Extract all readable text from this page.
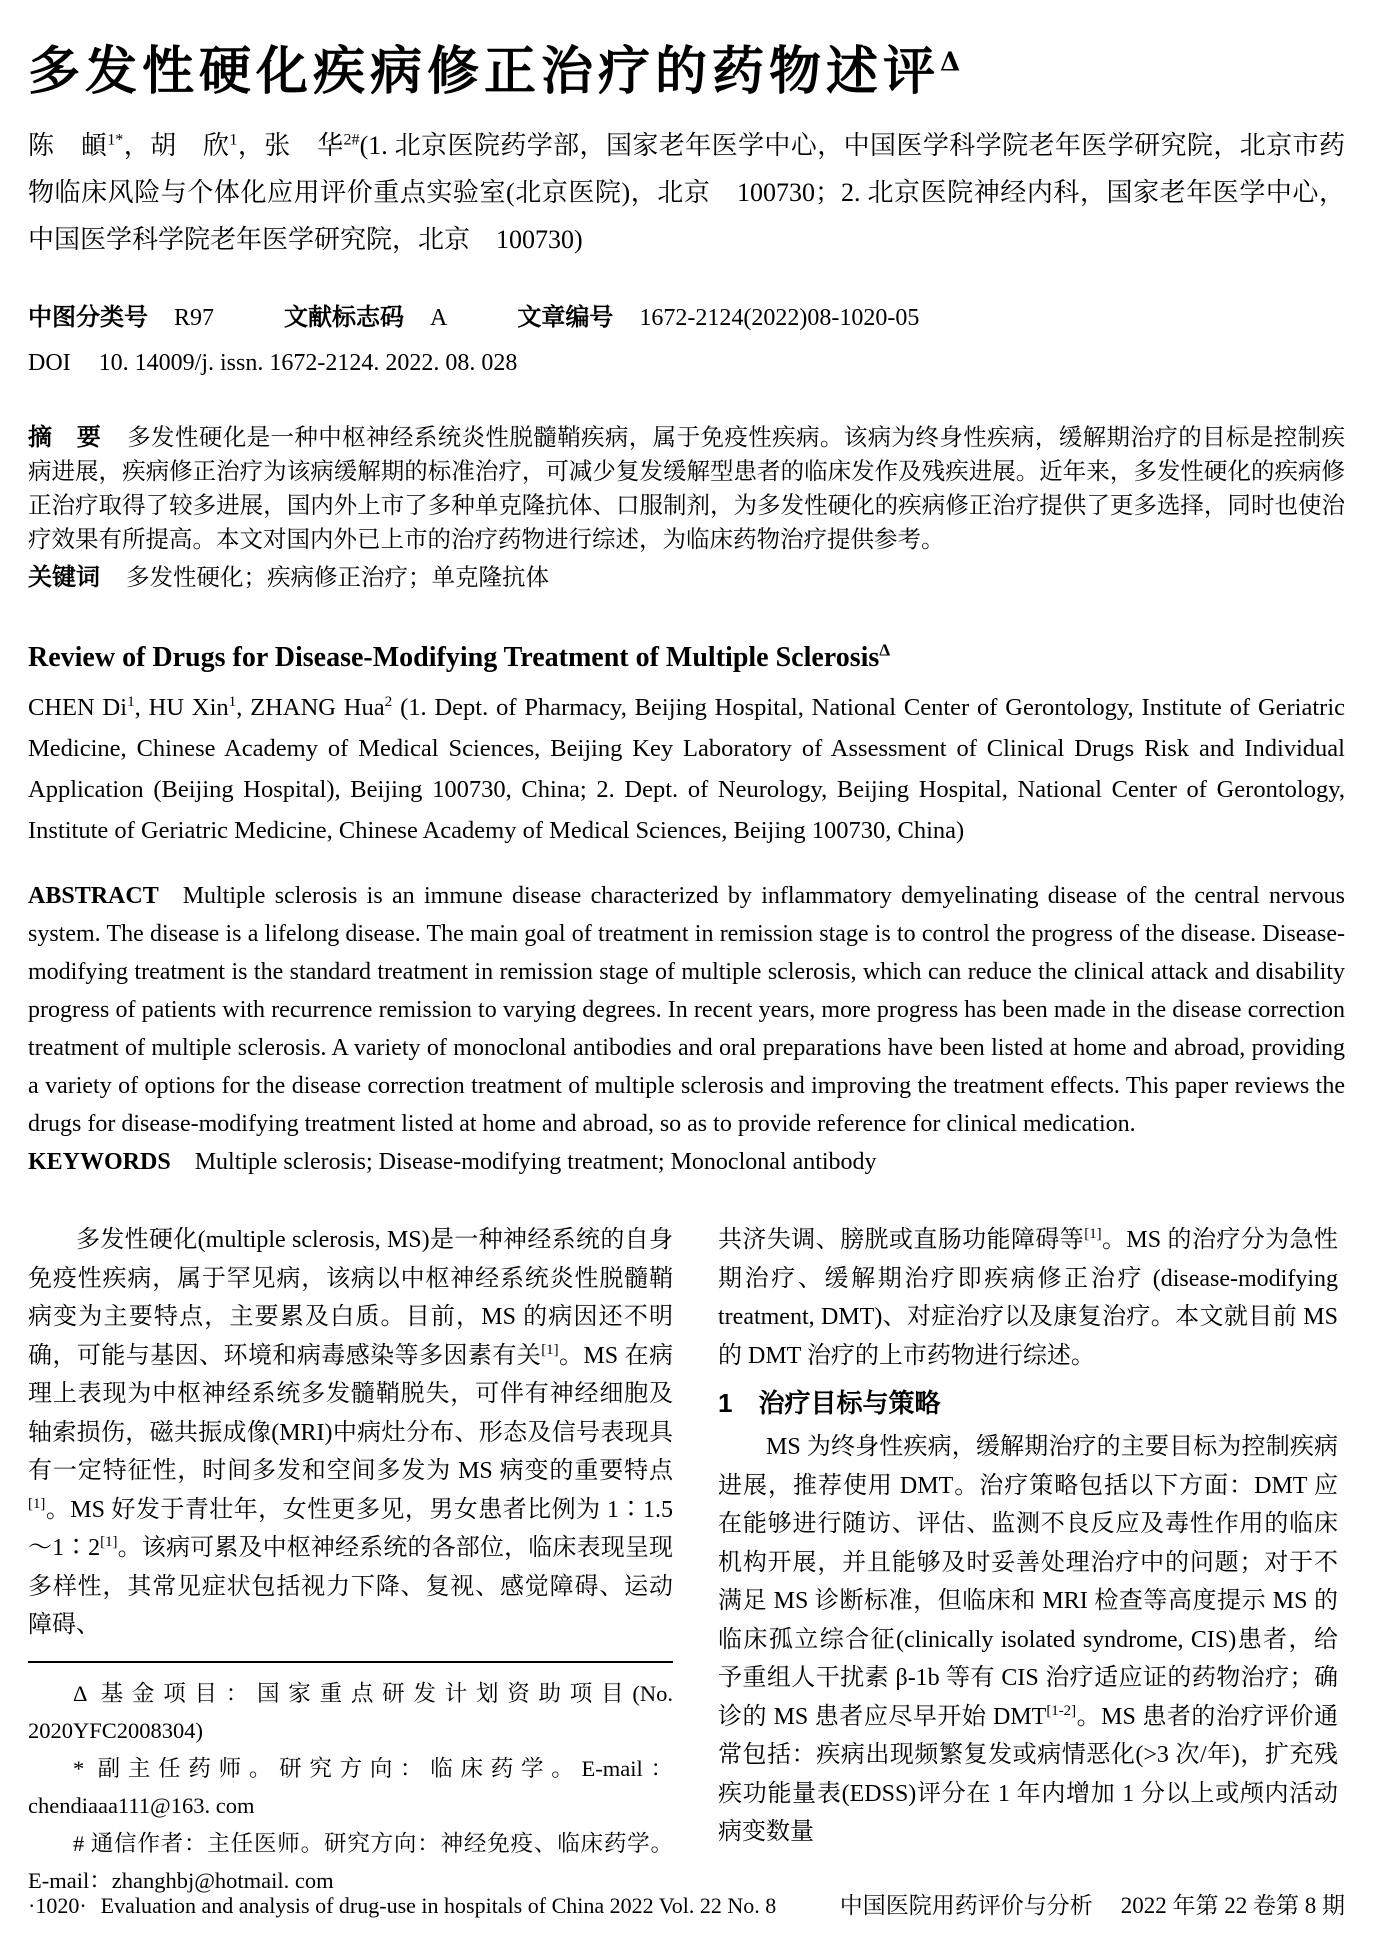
多发性硬化疾病修正治疗的药物述评$^\Delta$

陈　頔$^{1*}$，胡　欣$^1$，张　华$^{2\#}$(1. 北京医院药学部，国家老年医学中心，中国医学科学院老年医学研究院，北京市药物临床风险与个体化应用评价重点实验室(北京医院)，北京　100730；2. 北京医院神经内科，国家老年医学中心，中国医学科学院老年医学研究院，北京　100730)

中图分类号 R97	文献标志码 A	文章编号 1672-2124(2022)08-1020-05
DOI 10. 14009/j. issn. 1672-2124. 2022. 08. 028

摘　要 多发性硬化是一种中枢神经系统炎性脱髓鞘疾病，属于免疫性疾病。该病为终身性疾病，缓解期治疗的目标是控制疾病进展，疾病修正治疗为该病缓解期的标准治疗，可减少复发缓解型患者的临床发作及残疾进展。近年来，多发性硬化的疾病修正治疗取得了较多进展，国内外上市了多种单克隆抗体、口服制剂，为多发性硬化的疾病修正治疗提供了更多选择，同时也使治疗效果有所提高。本文对国内外已上市的治疗药物进行综述，为临床药物治疗提供参考。

关键词 多发性硬化；疾病修正治疗；单克隆抗体

Review of Drugs for Disease-Modifying Treatment of Multiple Sclerosis$^\Delta$

CHEN Di$^1$, HU Xin$^1$, ZHANG Hua$^2$ (1. Dept. of Pharmacy, Beijing Hospital, National Center of Gerontology, Institute of Geriatric Medicine, Chinese Academy of Medical Sciences, Beijing Key Laboratory of Assessment of Clinical Drugs Risk and Individual Application (Beijing Hospital), Beijing 100730, China; 2. Dept. of Neurology, Beijing Hospital, National Center of Gerontology, Institute of Geriatric Medicine, Chinese Academy of Medical Sciences, Beijing 100730, China)

ABSTRACT Multiple sclerosis is an immune disease characterized by inflammatory demyelinating disease of the central nervous system. The disease is a lifelong disease. The main goal of treatment in remission stage is to control the progress of the disease. Disease-modifying treatment is the standard treatment in remission stage of multiple sclerosis, which can reduce the clinical attack and disability progress of patients with recurrence remission to varying degrees. In recent years, more progress has been made in the disease correction treatment of multiple sclerosis. A variety of monoclonal antibodies and oral preparations have been listed at home and abroad, providing a variety of options for the disease correction treatment of multiple sclerosis and improving the treatment effects. This paper reviews the drugs for disease-modifying treatment listed at home and abroad, so as to provide reference for clinical medication.

KEYWORDS Multiple sclerosis; Disease-modifying treatment; Monoclonal antibody

多发性硬化(multiple sclerosis, MS)是一种神经系统的自身免疫性疾病，属于罕见病，该病以中枢神经系统炎性脱髓鞘病变为主要特点，主要累及白质。目前，MS 的病因还不明确，可能与基因、环境和病毒感染等多因素有关[1]。MS 在病理上表现为中枢神经系统多发髓鞘脱失，可伴有神经细胞及轴索损伤，磁共振成像(MRI)中病灶分布、形态及信号表现具有一定特征性，时间多发和空间多发为 MS 病变的重要特点[1]。MS 好发于青壮年，女性更多见，男女患者比例为 1∶1.5～1∶2[1]。该病可累及中枢神经系统的各部位，临床表现呈现多样性，其常见症状包括视力下降、复视、感觉障碍、运动障碍、

Δ 基金项目：国家重点研发计划资助项目(No. 2020YFC2008304)

* 副主任药师。研究方向：临床药学。E-mail：chendiaaa111@163. com

# 通信作者：主任医师。研究方向：神经免疫、临床药学。E-mail：zhanghbj@hotmail. com

共济失调、膀胱或直肠功能障碍等[1]。MS 的治疗分为急性期治疗、缓解期治疗即疾病修正治疗 (disease-modifying treatment, DMT)、对症治疗以及康复治疗。本文就目前 MS 的 DMT 治疗的上市药物进行综述。

1　治疗目标与策略

MS 为终身性疾病，缓解期治疗的主要目标为控制疾病进展，推荐使用 DMT。治疗策略包括以下方面：DMT 应在能够进行随访、评估、监测不良反应及毒性作用的临床机构开展，并且能够及时妥善处理治疗中的问题；对于不满足 MS 诊断标准，但临床和 MRI 检查等高度提示 MS 的临床孤立综合征(clinically isolated syndrome, CIS)患者，给予重组人干扰素 β-1b 等有 CIS 治疗适应证的药物治疗；确诊的 MS 患者应尽早开始 DMT[1-2]。MS 患者的治疗评价通常包括：疾病出现频繁复发或病情恶化(>3 次/年)，扩充残疾功能量表(EDSS)评分在 1 年内增加 1 分以上或颅内活动病变数量

·1020· Evaluation and analysis of drug-use in hospitals of China 2022 Vol. 22 No. 8	中国医院用药评价与分析 2022 年第 22 卷第 8 期
